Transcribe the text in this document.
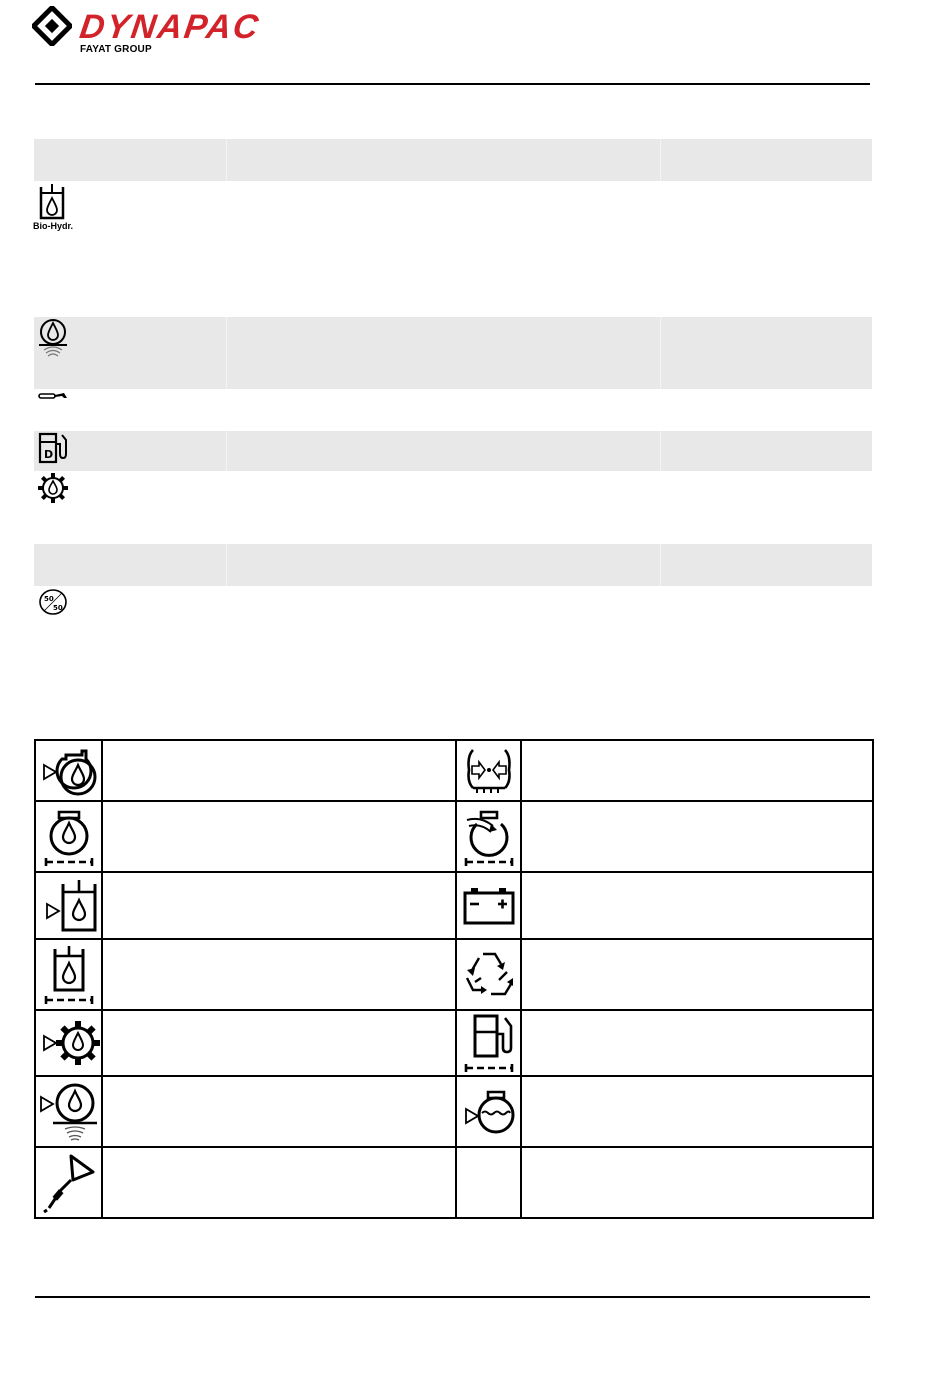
DYNAPAC
FAYAT GROUP
Bio-Hydr.
D
50
50
